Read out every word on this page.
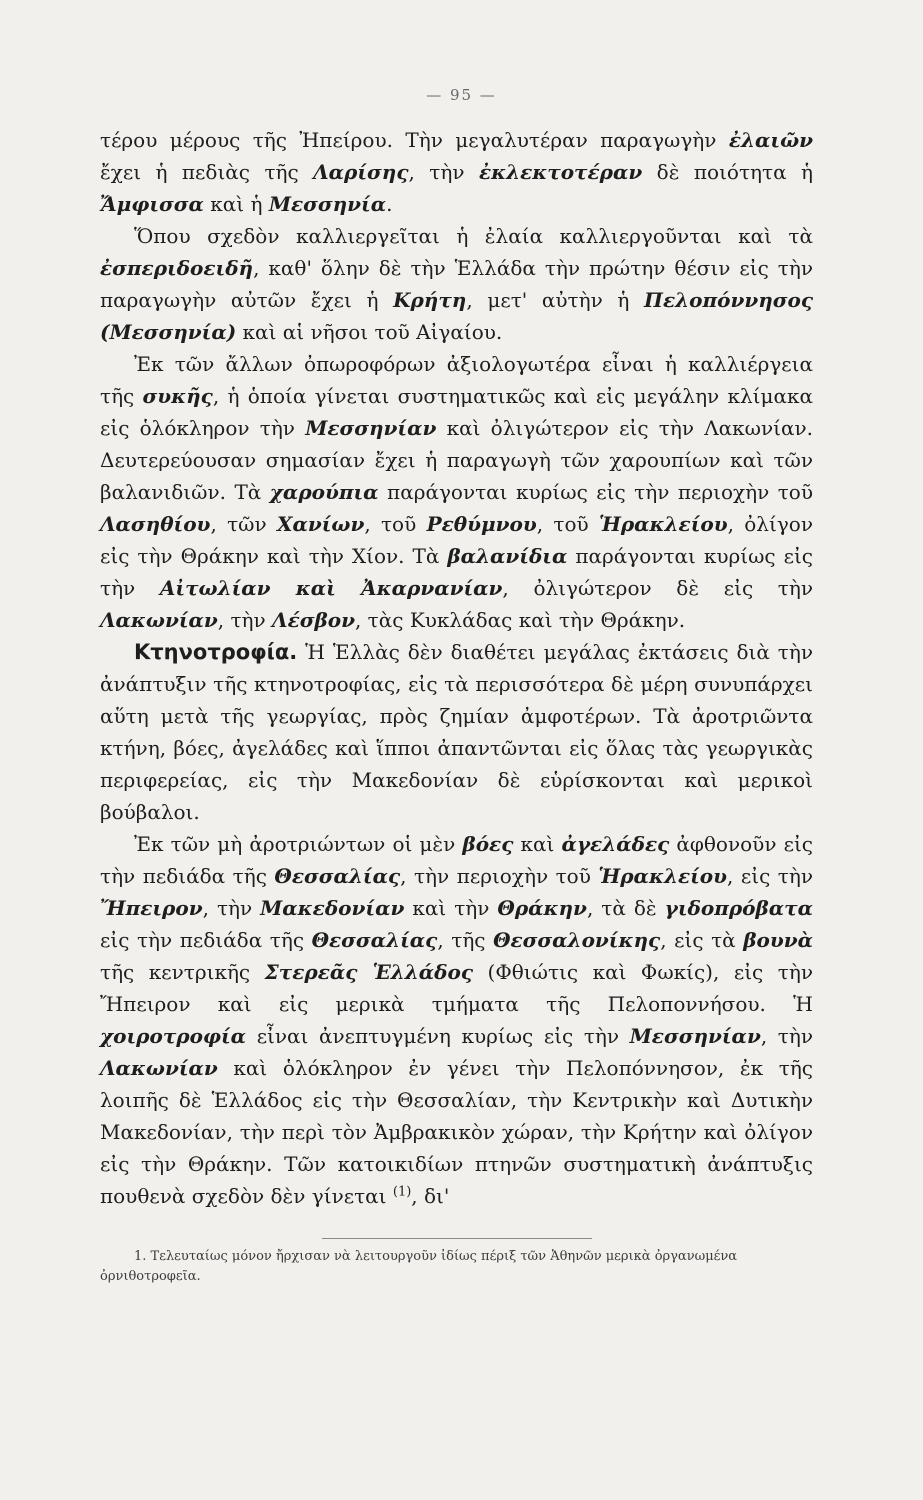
— 95 —

τέρου μέρους τῆς Ἠπείρου. Τὴν μεγαλυτέραν παραγωγὴν ἐλαιῶν ἔχει ἡ πεδιὰς τῆς Λαρίσης, τὴν ἐκλεκτοτέραν δὲ ποιότητα ἡ Ἄμφισσα καὶ ἡ Μεσσηνία.

Ὅπου σχεδὸν καλλιεργεῖται ἡ ἐλαία καλλιεργοῦνται καὶ τὰ ἐσπεριδοειδῆ, καθ' ὅλην δὲ τὴν Ἑλλάδα τὴν πρώτην θέσιν εἰς τὴν παραγωγὴν αὐτῶν ἔχει ἡ Κρήτη, μετ' αὐτὴν ἡ Πελοπόννησος (Μεσσηνία) καὶ αἱ νῆσοι τοῦ Αἰγαίου.

Ἐκ τῶν ἄλλων ὀπωροφόρων ἀξιολογωτέρα εἶναι ἡ καλλιέργεια τῆς συκῆς, ἡ ὁποία γίνεται συστηματικῶς καὶ εἰς μεγάλην κλίμακα εἰς ὁλόκληρον τὴν Μεσσηνίαν καὶ ὀλιγώτερον εἰς τὴν Λακωνίαν. Δευτερεύουσαν σημασίαν ἔχει ἡ παραγωγὴ τῶν χαρουπίων καὶ τῶν βαλανιδιῶν. Τὰ χαρούπια παράγονται κυρίως εἰς τὴν περιοχὴν τοῦ Λασηθίου, τῶν Χανίων, τοῦ Ρεθύμνου, τοῦ Ἡρακλείου, ὀλίγον εἰς τὴν Θράκην καὶ τὴν Χίον. Τὰ βαλανίδια παράγονται κυρίως εἰς τὴν Αἰτωλίαν καὶ Ἀκαρνανίαν, ὀλιγώτερον δὲ εἰς τὴν Λακωνίαν, τὴν Λέσβον, τὰς Κυκλάδας καὶ τὴν Θράκην.

Κτηνοτροφία. Ἡ Ἑλλὰς δὲν διαθέτει μεγάλας ἐκτάσεις διὰ τὴν ἀνάπτυξιν τῆς κτηνοτροφίας, εἰς τὰ περισσότερα δὲ μέρη συνυπάρχει αὕτη μετὰ τῆς γεωργίας, πρὸς ζημίαν ἀμφοτέρων. Τὰ ἀροτριῶντα κτήνη, βόες, ἀγελάδες καὶ ἵπποι ἀπαντῶνται εἰς ὅλας τὰς γεωργικὰς περιφερείας, εἰς τὴν Μακεδονίαν δὲ εὑρίσκονται καὶ μερικοὶ βούβαλοι.

Ἐκ τῶν μὴ ἀροτριώντων οἱ μὲν βόες καὶ ἀγελάδες ἀφθονοῦν εἰς τὴν πεδιάδα τῆς Θεσσαλίας, τὴν περιοχὴν τοῦ Ἡρακλείου, εἰς τὴν Ἤπειρον, τὴν Μακεδονίαν καὶ τὴν Θράκην, τὰ δὲ γιδοπρόβατα εἰς τὴν πεδιάδα τῆς Θεσσαλίας, τῆς Θεσσαλονίκης, εἰς τὰ βουνὰ τῆς κεντρικῆς Στερεᾶς Ἑλλάδος (Φθιώτις καὶ Φωκίς), εἰς τὴν Ἤπειρον καὶ εἰς μερικὰ τμήματα τῆς Πελοποννήσου. Ἡ χοιροτροφία εἶναι ἀνεπτυγμένη κυρίως εἰς τὴν Μεσσηνίαν, τὴν Λακωνίαν καὶ ὁλόκληρον ἐν γένει τὴν Πελοπόννησον, ἐκ τῆς λοιπῆς δὲ Ἑλλάδος εἰς τὴν Θεσσαλίαν, τὴν Κεντρικὴν καὶ Δυτικὴν Μακεδονίαν, τὴν περὶ τὸν Ἀμβρακικὸν χώραν, τὴν Κρήτην καὶ ὀλίγον εἰς τὴν Θράκην. Τῶν κατοικιδίων πτηνῶν συστηματικὴ ἀνάπτυξις πουθενὰ σχεδὸν δὲν γίνεται $^{(1)}$, δι'

1. Τελευταίως μόνον ἤρχισαν νὰ λειτουργοῦν ἰδίως πέριξ τῶν Ἀθηνῶν μερικὰ ὀργανωμένα ὀρνιθοτροφεῖα.
